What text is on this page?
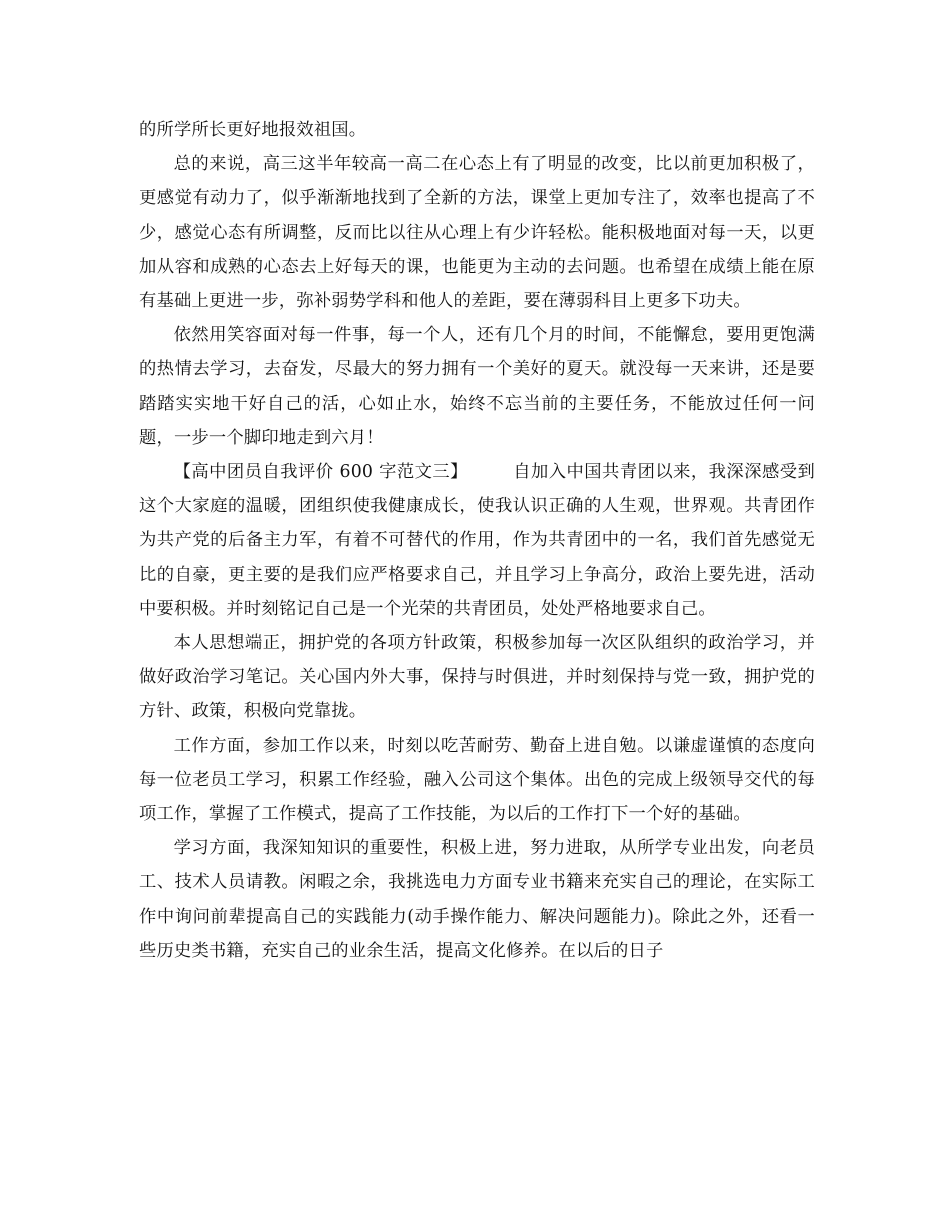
的所学所长更好地报效祖国。

总的来说，高三这半年较高一高二在心态上有了明显的改变，比以前更加积极了，更感觉有动力了，似乎渐渐地找到了全新的方法，课堂上更加专注了，效率也提高了不少，感觉心态有所调整，反而比以往从心理上有少许轻松。能积极地面对每一天，以更加从容和成熟的心态去上好每天的课，也能更为主动的去问题。也希望在成绩上能在原有基础上更进一步，弥补弱势学科和他人的差距，要在薄弱科目上更多下功夫。

依然用笑容面对每一件事，每一个人，还有几个月的时间，不能懈怠，要用更饱满的热情去学习，去奋发，尽最大的努力拥有一个美好的夏天。就没每一天来讲，还是要踏踏实实地干好自己的活，心如止水，始终不忘当前的主要任务，不能放过任何一问题，一步一个脚印地走到六月！

【高中团员自我评价 600 字范文三】	自加入中国共青团以来，我深深感受到这个大家庭的温暖，团组织使我健康成长，使我认识正确的人生观，世界观。共青团作为共产党的后备主力军，有着不可替代的作用，作为共青团中的一名，我们首先感觉无比的自豪，更主要的是我们应严格要求自己，并且学习上争高分，政治上要先进，活动中要积极。并时刻铭记自己是一个光荣的共青团员，处处严格地要求自己。

本人思想端正，拥护党的各项方针政策，积极参加每一次区队组织的政治学习，并做好政治学习笔记。关心国内外大事，保持与时俱进，并时刻保持与党一致，拥护党的方针、政策，积极向党靠拢。

工作方面，参加工作以来，时刻以吃苦耐劳、勤奋上进自勉。以谦虚谨慎的态度向每一位老员工学习，积累工作经验，融入公司这个集体。出色的完成上级领导交代的每项工作，掌握了工作模式，提高了工作技能，为以后的工作打下一个好的基础。

学习方面，我深知知识的重要性，积极上进，努力进取，从所学专业出发，向老员工、技术人员请教。闲暇之余，我挑选电力方面专业书籍来充实自己的理论，在实际工作中询问前辈提高自己的实践能力(动手操作能力、解决问题能力)。除此之外，还看一些历史类书籍，充实自己的业余生活，提高文化修养。在以后的日子
